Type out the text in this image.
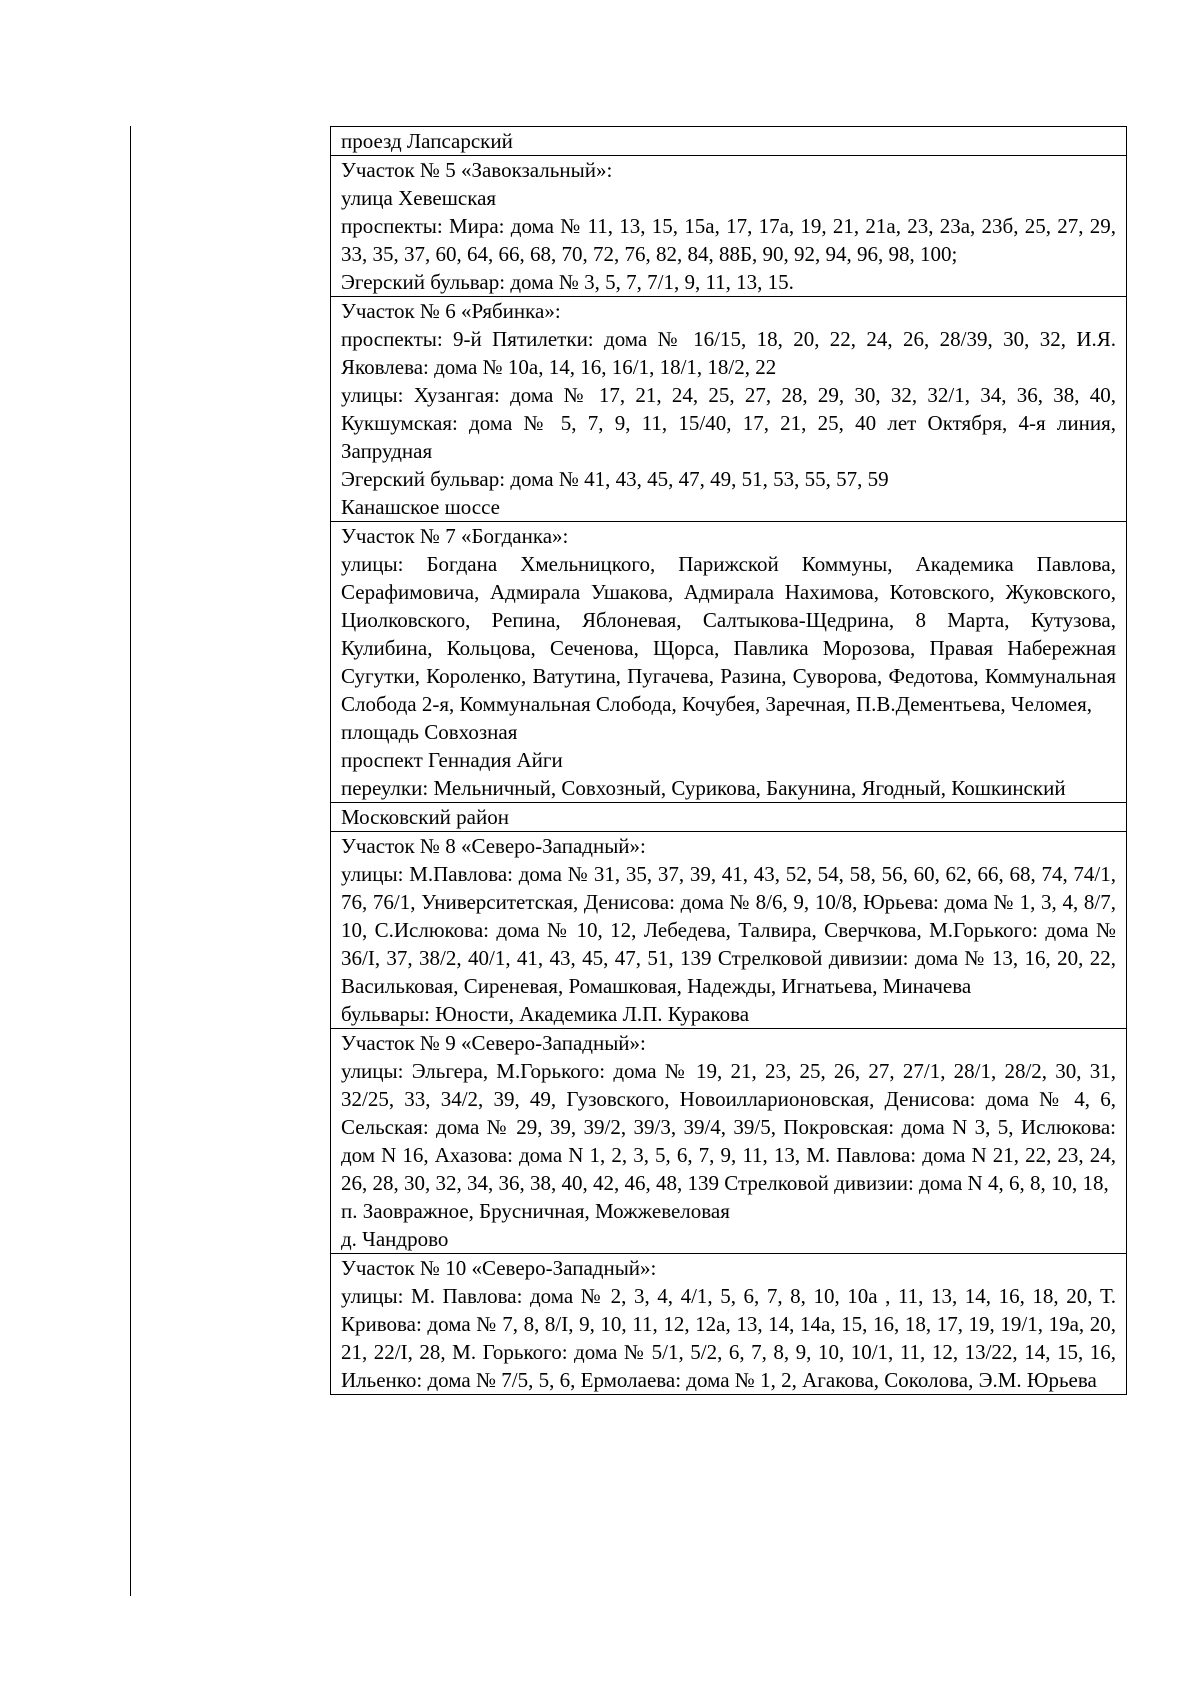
проезд Лапсарский

Участок № 5 «Завокзальный»:
улица Хевешская
проспекты: Мира: дома № 11, 13, 15, 15а, 17, 17а, 19, 21, 21а, 23, 23а, 23б, 25, 27, 29, 33, 35, 37, 60, 64, 66, 68, 70, 72, 76, 82, 84, 88Б, 90, 92, 94, 96, 98, 100;
Эгерский бульвар: дома № 3, 5, 7, 7/1, 9, 11, 13, 15.

Участок № 6 «Рябинка»:
проспекты: 9-й Пятилетки: дома № 16/15, 18, 20, 22, 24, 26, 28/39, 30, 32, И.Я. Яковлева: дома № 10а, 14, 16, 16/1, 18/1, 18/2, 22
улицы: Хузангая: дома № 17, 21, 24, 25, 27, 28, 29, 30, 32, 32/1, 34, 36, 38, 40, Кукшумская: дома № 5, 7, 9, 11, 15/40, 17, 21, 25, 40 лет Октября, 4-я линия, Запрудная
Эгерский бульвар: дома № 41, 43, 45, 47, 49, 51, 53, 55, 57, 59
Канашское шоссе

Участок № 7 «Богданка»:
улицы: Богдана Хмельницкого, Парижской Коммуны, Академика Павлова, Серафимовича, Адмирала Ушакова, Адмирала Нахимова, Котовского, Жуковского, Циолковского, Репина, Яблоневая, Салтыкова-Щедрина, 8 Марта, Кутузова, Кулибина, Кольцова, Сеченова, Щорса, Павлика Морозова, Правая Набережная Сугутки, Короленко, Ватутина, Пугачева, Разина, Суворова, Федотова, Коммунальная Слобода 2-я, Коммунальная Слобода, Кочубея, Заречная, П.В.Дементьева, Челомея,
площадь Совхозная
проспект Геннадия Айги
переулки: Мельничный, Совхозный, Сурикова, Бакунина, Ягодный, Кошкинский

Московский район

Участок № 8 «Северо-Западный»:
улицы: М.Павлова: дома № 31, 35, 37, 39, 41, 43, 52, 54, 58, 56, 60, 62, 66, 68, 74, 74/1, 76, 76/1, Университетская, Денисова: дома № 8/6, 9, 10/8, Юрьева: дома № 1, 3, 4, 8/7, 10, С.Ислюкова: дома № 10, 12, Лебедева, Талвира, Сверчкова, М.Горького: дома № 36/I, 37, 38/2, 40/1, 41, 43, 45, 47, 51, 139 Стрелковой дивизии: дома № 13, 16, 20, 22, Васильковая, Сиреневая, Ромашковая, Надежды, Игнатьева, Миначева
бульвары: Юности, Академика Л.П. Куракова

Участок № 9 «Северо-Западный»:
улицы: Эльгера, М.Горького: дома № 19, 21, 23, 25, 26, 27, 27/1, 28/1, 28/2, 30, 31, 32/25, 33, 34/2, 39, 49, Гузовского, Новоилларионовская, Денисова: дома № 4, 6, Сельская: дома № 29, 39, 39/2, 39/3, 39/4, 39/5, Покровская: дома N 3, 5, Ислюкова: дом N 16, Ахазова: дома N 1, 2, 3, 5, 6, 7, 9, 11, 13, М. Павлова: дома N 21, 22, 23, 24, 26, 28, 30, 32, 34, 36, 38, 40, 42, 46, 48, 139 Стрелковой дивизии: дома N 4, 6, 8, 10, 18,
п. Заовражное, Брусничная, Можжевеловая
д. Чандрово

Участок № 10 «Северо-Западный»:
улицы: М. Павлова: дома № 2, 3, 4, 4/1, 5, 6, 7, 8, 10, 10а , 11, 13, 14, 16, 18, 20, Т. Кривова: дома № 7, 8, 8/I, 9, 10, 11, 12, 12а, 13, 14, 14а, 15, 16, 18, 17, 19, 19/1, 19а, 20, 21, 22/I, 28, М. Горького: дома № 5/1, 5/2, 6, 7, 8, 9, 10, 10/1, 11, 12, 13/22, 14, 15, 16, Ильенко: дома № 7/5, 5, 6, Ермолаева: дома № 1, 2, Агакова, Соколова, Э.М. Юрьева
